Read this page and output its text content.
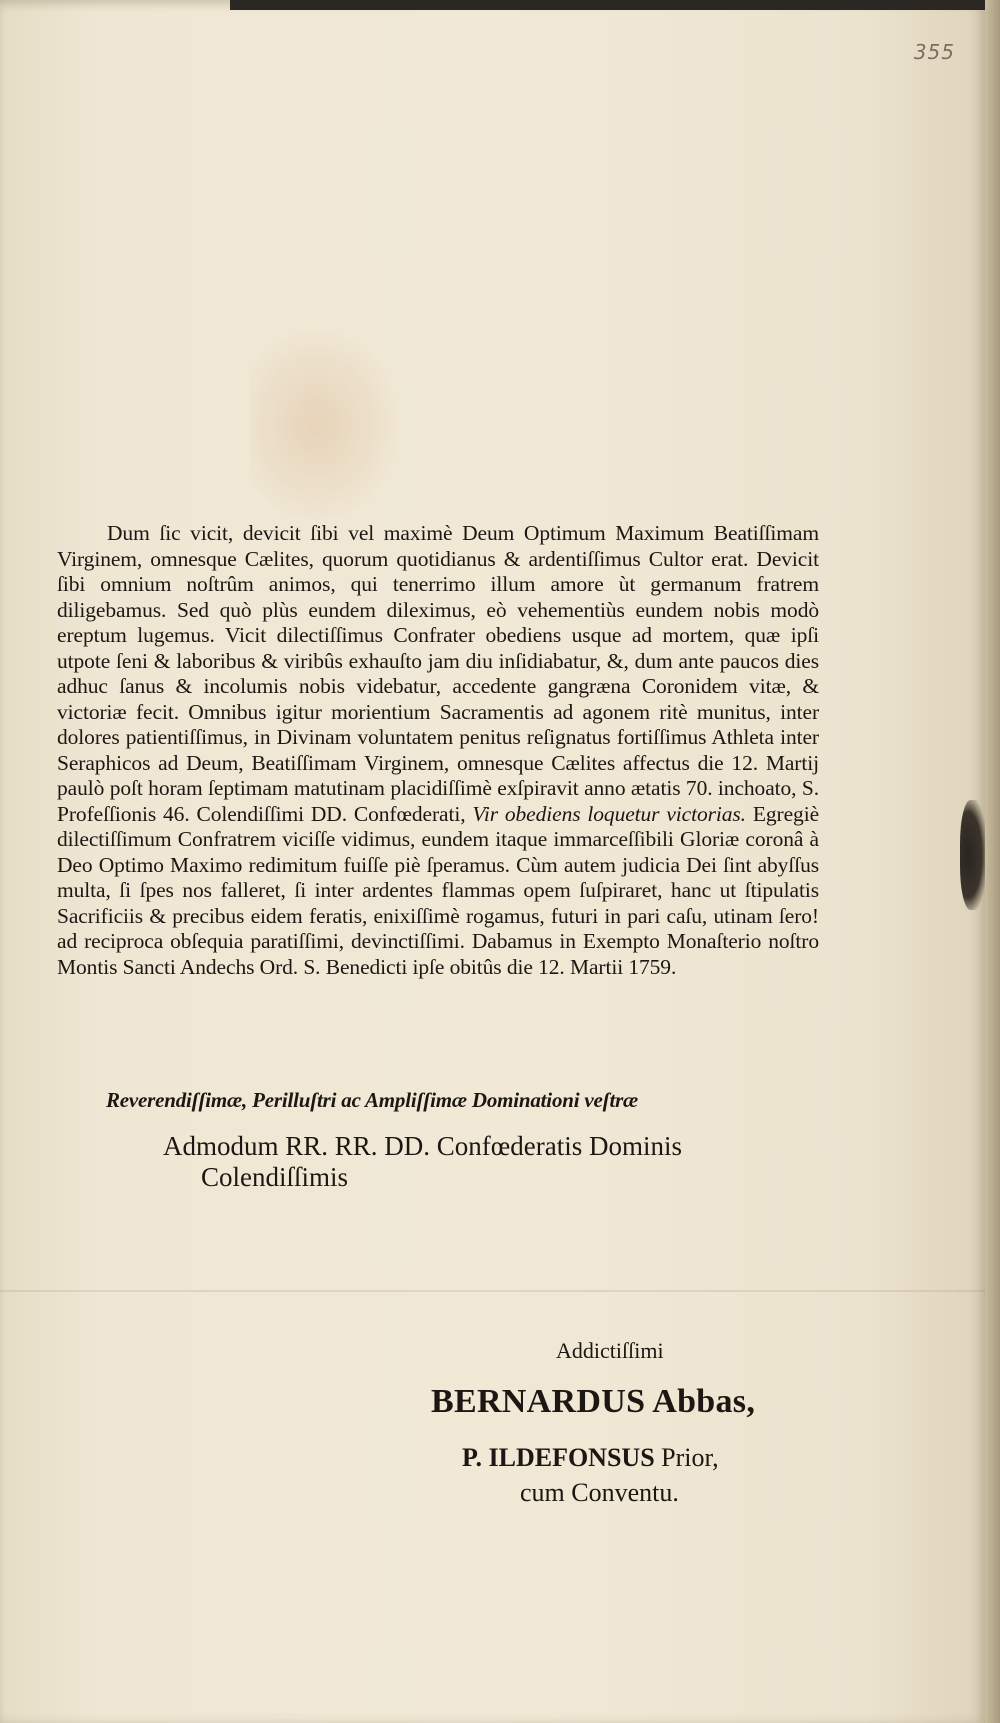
355
Dum ſic vicit, devicit ſibi vel maximè Deum Optimum Maximum Beatiſſimam Virginem, omnesque Cælites, quorum quotidianus & ardentiſſimus Cultor erat. Devicit ſibi omnium noſtrûm animos, qui tenerrimo illum amore ùt germanum fratrem diligebamus. Sed quò plùs eundem dileximus, eò vehementiùs eundem nobis modò ereptum lugemus. Vicit dilectiſſimus Confrater obediens usque ad mortem, quæ ipſi utpote ſeni & laboribus & viribûs exhauſto jam diu inſidiabatur, &, dum ante paucos dies adhuc ſanus & incolumis nobis videbatur, accedente gangræna Coronidem vitæ, & victoriæ fecit. Omnibus igitur morientium Sacramentis ad agonem ritè munitus, inter dolores patientiſſimus, in Divinam voluntatem penitus reſignatus fortiſſimus Athleta inter Seraphicos ad Deum, Beatiſſimam Virginem, omnesque Cælites affectus die 12. Martij paulò poſt horam ſeptimam matutinam placidiſſimè exſpiravit anno ætatis 70. inchoato, S. Profeſſionis 46. Colendiſſimi DD. Confœderati, Vir obediens loquetur victorias. Egregiè dilectiſſimum Confratrem viciſſe vidimus, eundem itaque immarceſſibili Gloriæ coronâ à Deo Optimo Maximo redimitum fuiſſe piè ſperamus. Cùm autem judicia Dei ſint abyſſus multa, ſi ſpes nos falleret, ſi inter ardentes flammas opem ſuſpiraret, hanc ut ſtipulatis Sacrificiis & precibus eidem feratis, enixiſſimè rogamus, futuri in pari caſu, utinam ſero! ad reciproca obſequia paratiſſimi, devinctiſſimi. Dabamus in Exempto Monaſterio noſtro Montis Sancti Andechs Ord. S. Benedicti ipſe obitûs die 12. Martii 1759.
Reverendiſſimæ, Perilluſtri ac Ampliſſimæ Dominationi veſtræ
Admodum RR. RR. DD. Confœderatis Dominis
Colendiſſimis
Addictiſſimi
BERNARDUS Abbas,
P. ILDEFONSUS Prior,
cum Conventu.
